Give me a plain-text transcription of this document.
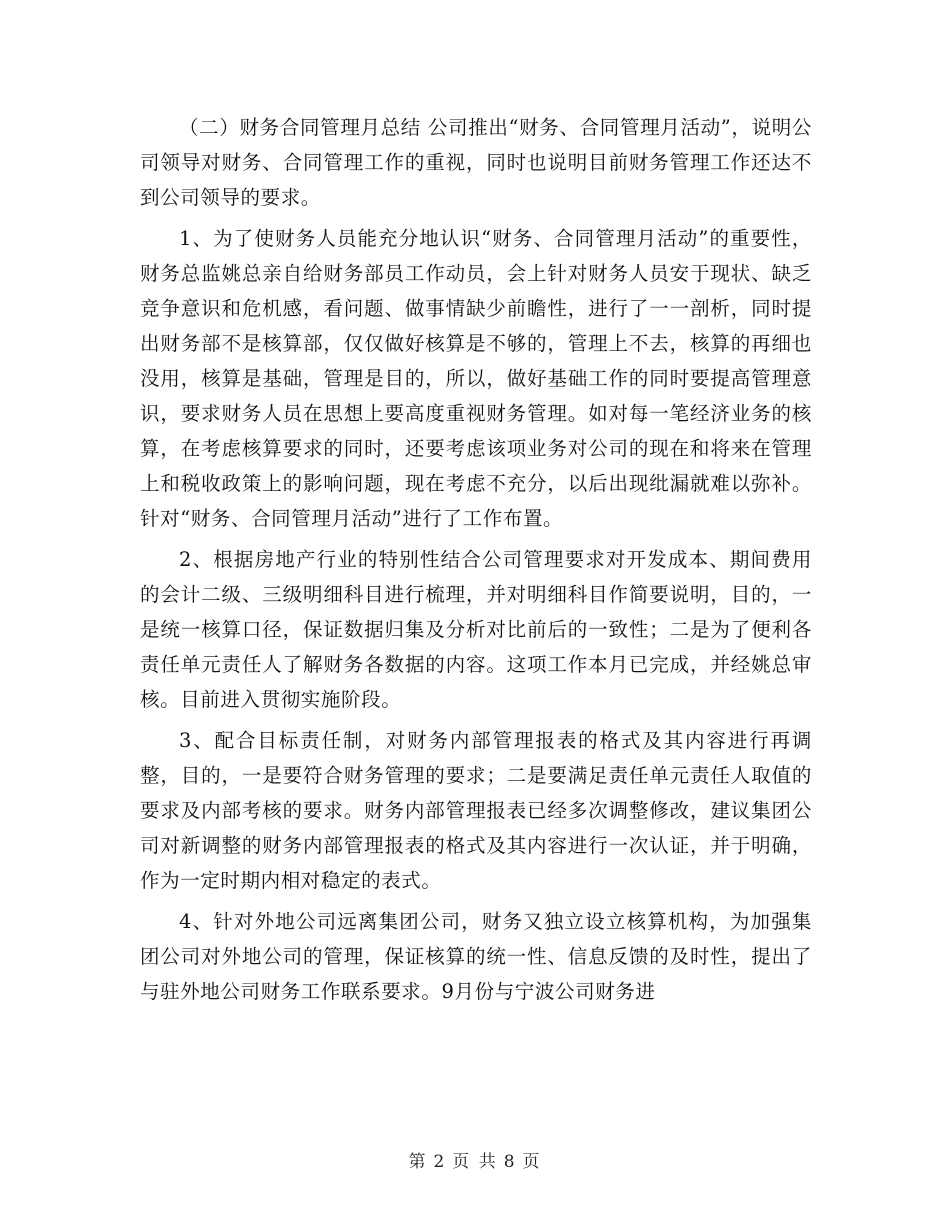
（二）财务合同管理月总结 公司推出“财务、合同管理月活动”，说明公司领导对财务、合同管理工作的重视，同时也说明目前财务管理工作还达不到公司领导的要求。

1、为了使财务人员能充分地认识“财务、合同管理月活动”的重要性，财务总监姚总亲自给财务部员工作动员，会上针对财务人员安于现状、缺乏竞争意识和危机感，看问题、做事情缺少前瞻性，进行了一一剖析，同时提出财务部不是核算部，仅仅做好核算是不够的，管理上不去，核算的再细也没用，核算是基础，管理是目的，所以，做好基础工作的同时要提高管理意识，要求财务人员在思想上要高度重视财务管理。如对每一笔经济业务的核算，在考虑核算要求的同时，还要考虑该项业务对公司的现在和将来在管理上和税收政策上的影响问题，现在考虑不充分，以后出现纰漏就难以弥补。针对“财务、合同管理月活动”进行了工作布置。

2、根据房地产行业的特别性结合公司管理要求对开发成本、期间费用的会计二级、三级明细科目进行梳理，并对明细科目作简要说明，目的，一是统一核算口径，保证数据归集及分析对比前后的一致性；二是为了便利各责任单元责任人了解财务各数据的内容。这项工作本月已完成，并经姚总审核。目前进入贯彻实施阶段。

3、配合目标责任制，对财务内部管理报表的格式及其内容进行再调整，目的，一是要符合财务管理的要求；二是要满足责任单元责任人取值的要求及内部考核的要求。财务内部管理报表已经多次调整修改，建议集团公司对新调整的财务内部管理报表的格式及其内容进行一次认证，并于明确，作为一定时期内相对稳定的表式。

4、针对外地公司远离集团公司，财务又独立设立核算机构，为加强集团公司对外地公司的管理，保证核算的统一性、信息反馈的及时性，提出了与驻外地公司财务工作联系要求。9月份与宁波公司财务进

第 2 页 共 8 页
